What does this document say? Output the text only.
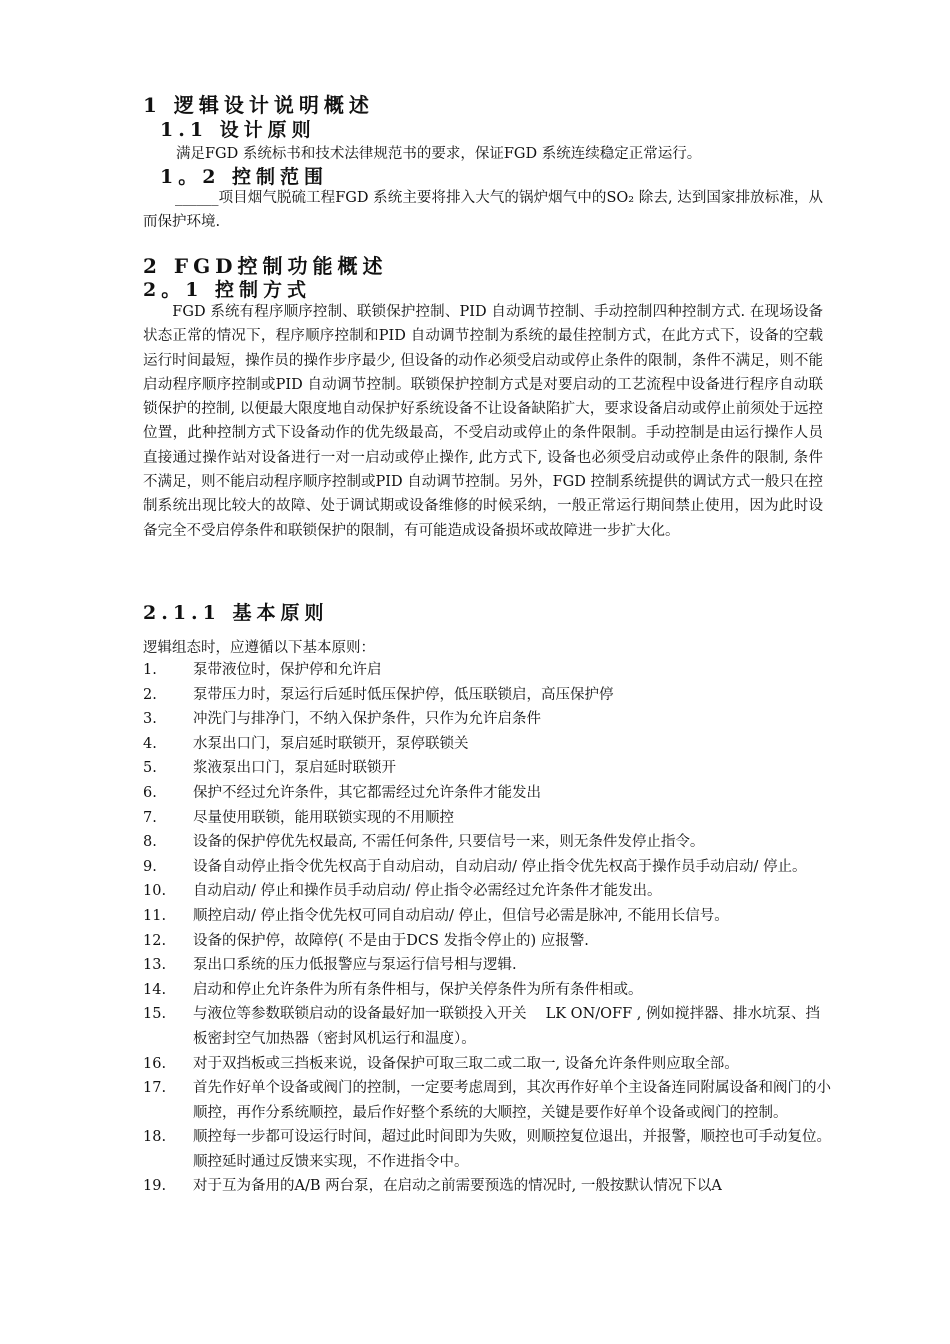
1 逻辑设计说明概述
1.1 设计原则
满足FGD 系统标书和技术法律规范书的要求，保证FGD 系统连续稳定正常运行。
1。2 控制范围
______项目烟气脱硫工程FGD 系统主要将排入大气的锅炉烟气中的SO₂ 除去, 达到国家排放标准，从而保护环境.
2 FGD控制功能概述
2。1 控制方式
　　FGD 系统有程序顺序控制、联锁保护控制、PID 自动调节控制、手动控制四种控制方式. 在现场设备状态正常的情况下，程序顺序控制和PID 自动调节控制为系统的最佳控制方式，在此方式下，设备的空载运行时间最短，操作员的操作步序最少, 但设备的动作必须受启动或停止条件的限制，条件不满足，则不能启动程序顺序控制或PID 自动调节控制。联锁保护控制方式是对要启动的工艺流程中设备进行程序自动联锁保护的控制, 以便最大限度地自动保护好系统设备不让设备缺陷扩大，要求设备启动或停止前须处于远控位置，此种控制方式下设备动作的优先级最高，不受启动或停止的条件限制。手动控制是由运行操作人员直接通过操作站对设备进行一对一启动或停止操作, 此方式下, 设备也必须受启动或停止条件的限制, 条件不满足，则不能启动程序顺序控制或PID 自动调节控制。另外，FGD 控制系统提供的调试方式一般只在控制系统出现比较大的故障、处于调试期或设备维修的时候采纳，一般正常运行期间禁止使用，因为此时设备完全不受启停条件和联锁保护的限制，有可能造成设备损坏或故障进一步扩大化。
2.1.1 基本原则
逻辑组态时，应遵循以下基本原则：
1.	泵带液位时，保护停和允许启
2.	泵带压力时，泵运行后延时低压保护停，低压联锁启，高压保护停
3.	冲洗门与排净门，不纳入保护条件，只作为允许启条件
4.	水泵出口门，泵启延时联锁开，泵停联锁关
5.	浆液泵出口门，泵启延时联锁开
6.	保护不经过允许条件，其它都需经过允许条件才能发出
7.	尽量使用联锁，能用联锁实现的不用顺控
8.	设备的保护停优先权最高, 不需任何条件, 只要信号一来，则无条件发停止指令。
9.	设备自动停止指令优先权高于自动启动，自动启动/ 停止指令优先权高于操作员手动启动/ 停止。
10.	自动启动/ 停止和操作员手动启动/ 停止指令必需经过允许条件才能发出。
11.	顺控启动/ 停止指令优先权可同自动启动/ 停止，但信号必需是脉冲, 不能用长信号。
12.	设备的保护停，故障停( 不是由于DCS 发指令停止的) 应报警.
13.	泵出口系统的压力低报警应与泵运行信号相与逻辑.
14.	启动和停止允许条件为所有条件相与，保护关停条件为所有条件相或。
15.	与液位等参数联锁启动的设备最好加一联锁投入开关　 LK ON/OFF , 例如搅拌器、排水坑泵、挡板密封空气加热器（密封风机运行和温度）。
16.	对于双挡板或三挡板来说，设备保护可取三取二或二取一, 设备允许条件则应取全部。
17.	首先作好单个设备或阀门的控制，一定要考虑周到，其次再作好单个主设备连同附属设备和阀门的小顺控，再作分系统顺控，最后作好整个系统的大顺控，关键是要作好单个设备或阀门的控制。
18.	顺控每一步都可设运行时间，超过此时间即为失败，则顺控复位退出，并报警，顺控也可手动复位。顺控延时通过反馈来实现，不作进指令中。
19.	对于互为备用的A/B 两台泵，在启动之前需要预选的情况时, 一般按默认情况下以A
